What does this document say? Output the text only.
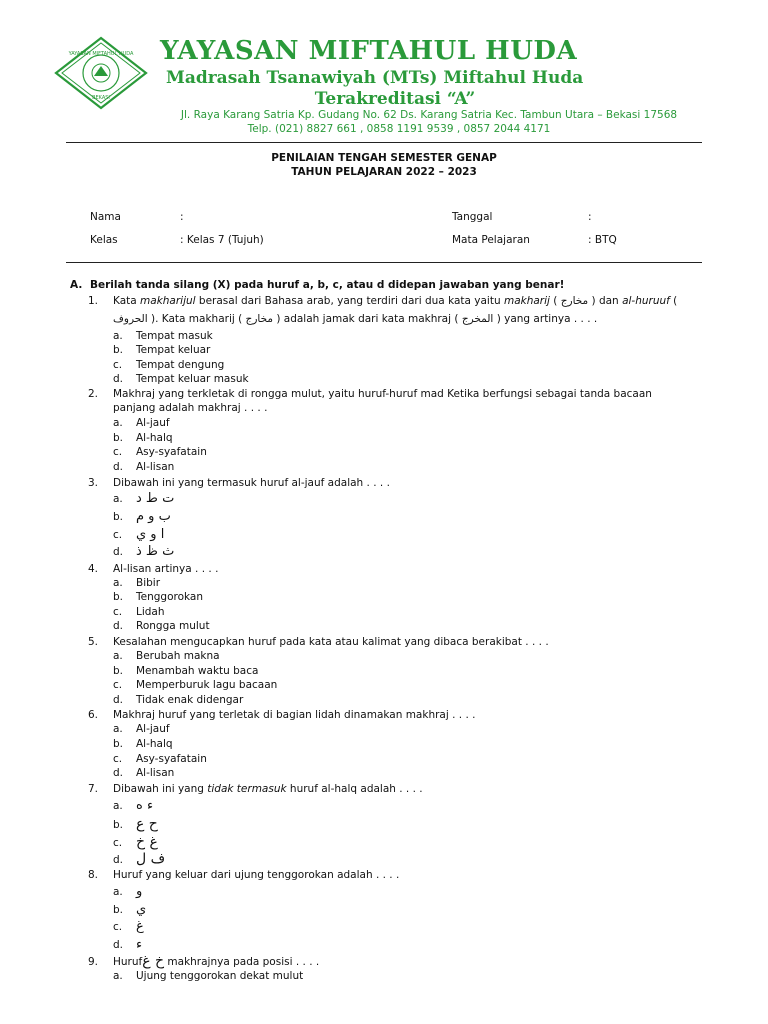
YAYASAN MIFTAHUL HUDA
BEKASI
YAYASAN MIFTAHUL HUDA
Madrasah Tsanawiyah (MTs) Miftahul Huda
Terakreditasi “A”
Jl. Raya Karang Satria Kp. Gudang No. 62 Ds. Karang Satria Kec. Tambun Utara – Bekasi 17568
Telp. (021) 8827 661 , 0858 1191 9539 , 0857 2044 4171
PENILAIAN TENGAH SEMESTER GENAP
TAHUN PELAJARAN 2022 – 2023
Nama	:	Tanggal	:
Kelas	: Kelas 7 (Tujuh)	Mata Pelajaran	: BTQ
A. Berilah tanda silang (X) pada huruf a, b, c, atau d didepan jawaban yang benar!
1. Kata makharijul berasal dari Bahasa arab, yang terdiri dari dua kata yaitu makharij ( مخارج ) dan al-huruuf (
الحروف ). Kata makharij ( مخارج ) adalah jamak dari kata makhraj ( المخرج ) yang artinya . . . .
a. Tempat masuk
b. Tempat keluar
c. Tempat dengung
d. Tempat keluar masuk
2. Makhraj yang terkletak di rongga mulut, yaitu huruf-huruf mad Ketika berfungsi sebagai tanda bacaan
panjang adalah makhraj . . . .
a. Al-jauf
b. Al-halq
c. Asy-syafatain
d. Al-lisan
3. Dibawah ini yang termasuk huruf al-jauf adalah . . . .
a. ت ط د
b. ب و م
c. ا و ي
d. ث ظ ذ
4. Al-lisan artinya . . . .
a. Bibir
b. Tenggorokan
c. Lidah
d. Rongga mulut
5. Kesalahan mengucapkan huruf pada kata atau kalimat yang dibaca berakibat . . . .
a. Berubah makna
b. Menambah waktu baca
c. Memperburuk lagu bacaan
d. Tidak enak didengar
6. Makhraj huruf yang terletak di bagian lidah dinamakan makhraj . . . .
a. Al-jauf
b. Al-halq
c. Asy-syafatain
d. Al-lisan
7. Dibawah ini yang tidak termasuk huruf al-halq adalah . . . .
a. ء ه
b. ح ع
c. غ خ
d. ف ل
8. Huruf yang keluar dari ujung tenggorokan adalah . . . .
a. و
b. ي
c. غ
d. ء
9. Hurufخ غ makhrajnya pada posisi . . . .
a. Ujung tenggorokan dekat mulut
